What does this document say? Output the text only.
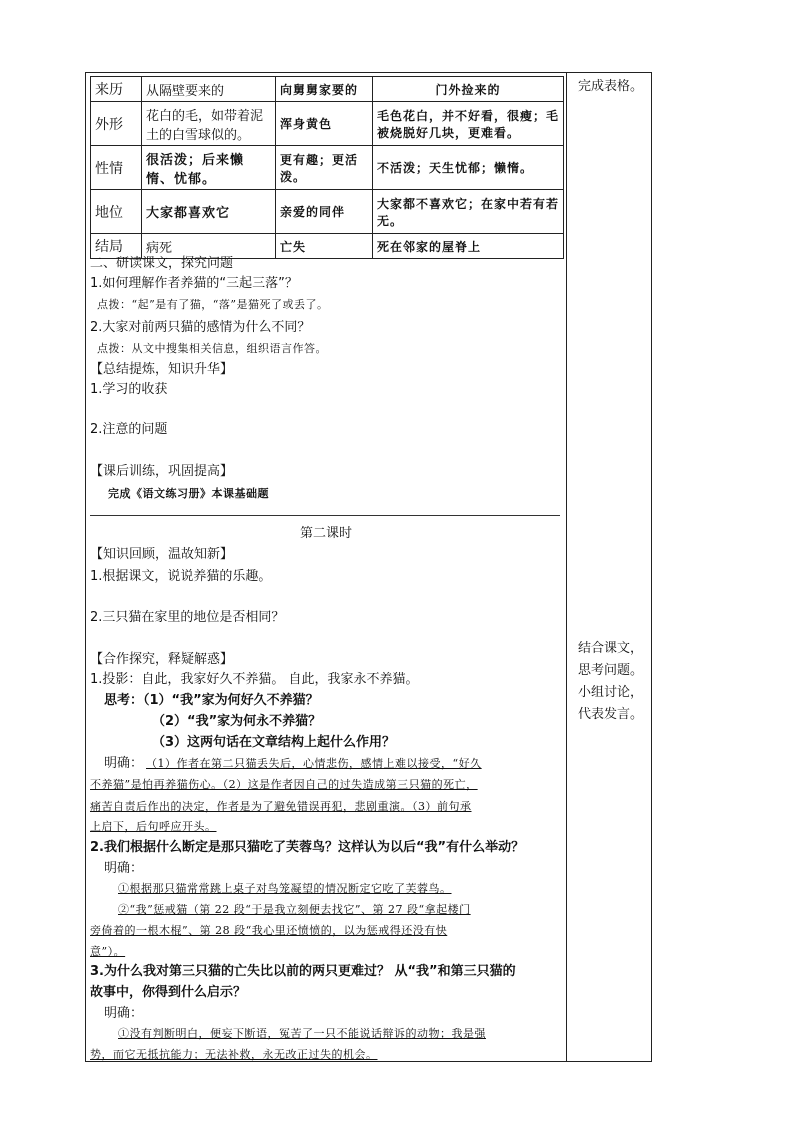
来历	从隔壁要来的	向舅舅家要的	门外捡来的
外形	花白的毛，如带着泥土的白雪球似的。	浑身黄色	毛色花白，并不好看，很瘦；毛被烧脱好几块，更难看。
性情	很活泼；后来懒惰、忧郁。	更有趣；更活泼。	不活泼；天生忧郁；懒惰。
地位	大家都喜欢它	亲爱的同伴	大家都不喜欢它；在家中若有若无。
结局	病死	亡失	死在邻家的屋脊上
完成表格。
结合课文，思考问题。小组讨论，代表发言。
二、研读课文，探究问题
1.如何理解作者养猫的“三起三落”？
点拨：“起”是有了猫，“落”是猫死了或丢了。
2.大家对前两只猫的感情为什么不同？
点拨：从文中搜集相关信息，组织语言作答。
【总结提炼，知识升华】
1.学习的收获
2.注意的问题
【课后训练，巩固提高】
完成《语文练习册》本课基础题
第二课时
【知识回顾，温故知新】
1.根据课文，说说养猫的乐趣。
2.三只猫在家里的地位是否相同？
【合作探究，释疑解惑】
1.投影：自此，我家好久不养猫。 自此，我家永不养猫。
思考：（1）“我”家为何好久不养猫？
（2）“我”家为何永不养猫？
（3）这两句话在文章结构上起什么作用？
明确： （1）作者在第二只猫丢失后，心情悲伤，感情上难以接受，“好久
不养猫”是怕再养猫伤心。（2）这是作者因自己的过失造成第三只猫的死亡，
痛苦自责后作出的决定，作者是为了避免错误再犯，悲剧重演。（3）前句承
上启下，后句呼应开头。
2.我们根据什么断定是那只猫吃了芙蓉鸟？这样认为以后“我”有什么举动？
明确：
①根据那只猫常常跳上桌子对鸟笼凝望的情况断定它吃了芙蓉鸟。
②“我”惩戒猫（第 22 段“于是我立刻便去找它”、第 27 段“拿起楼门
旁倚着的一根木棍”、第 28 段“我心里还愤愤的，以为惩戒得还没有快
意”）。
3.为什么我对第三只猫的亡失比以前的两只更难过？ 从“我”和第三只猫的
故事中，你得到什么启示？
明确：
①没有判断明白，便妄下断语，冤苦了一只不能说话辩诉的动物；我是强
势，而它无抵抗能力；无法补救，永无改正过失的机会。
